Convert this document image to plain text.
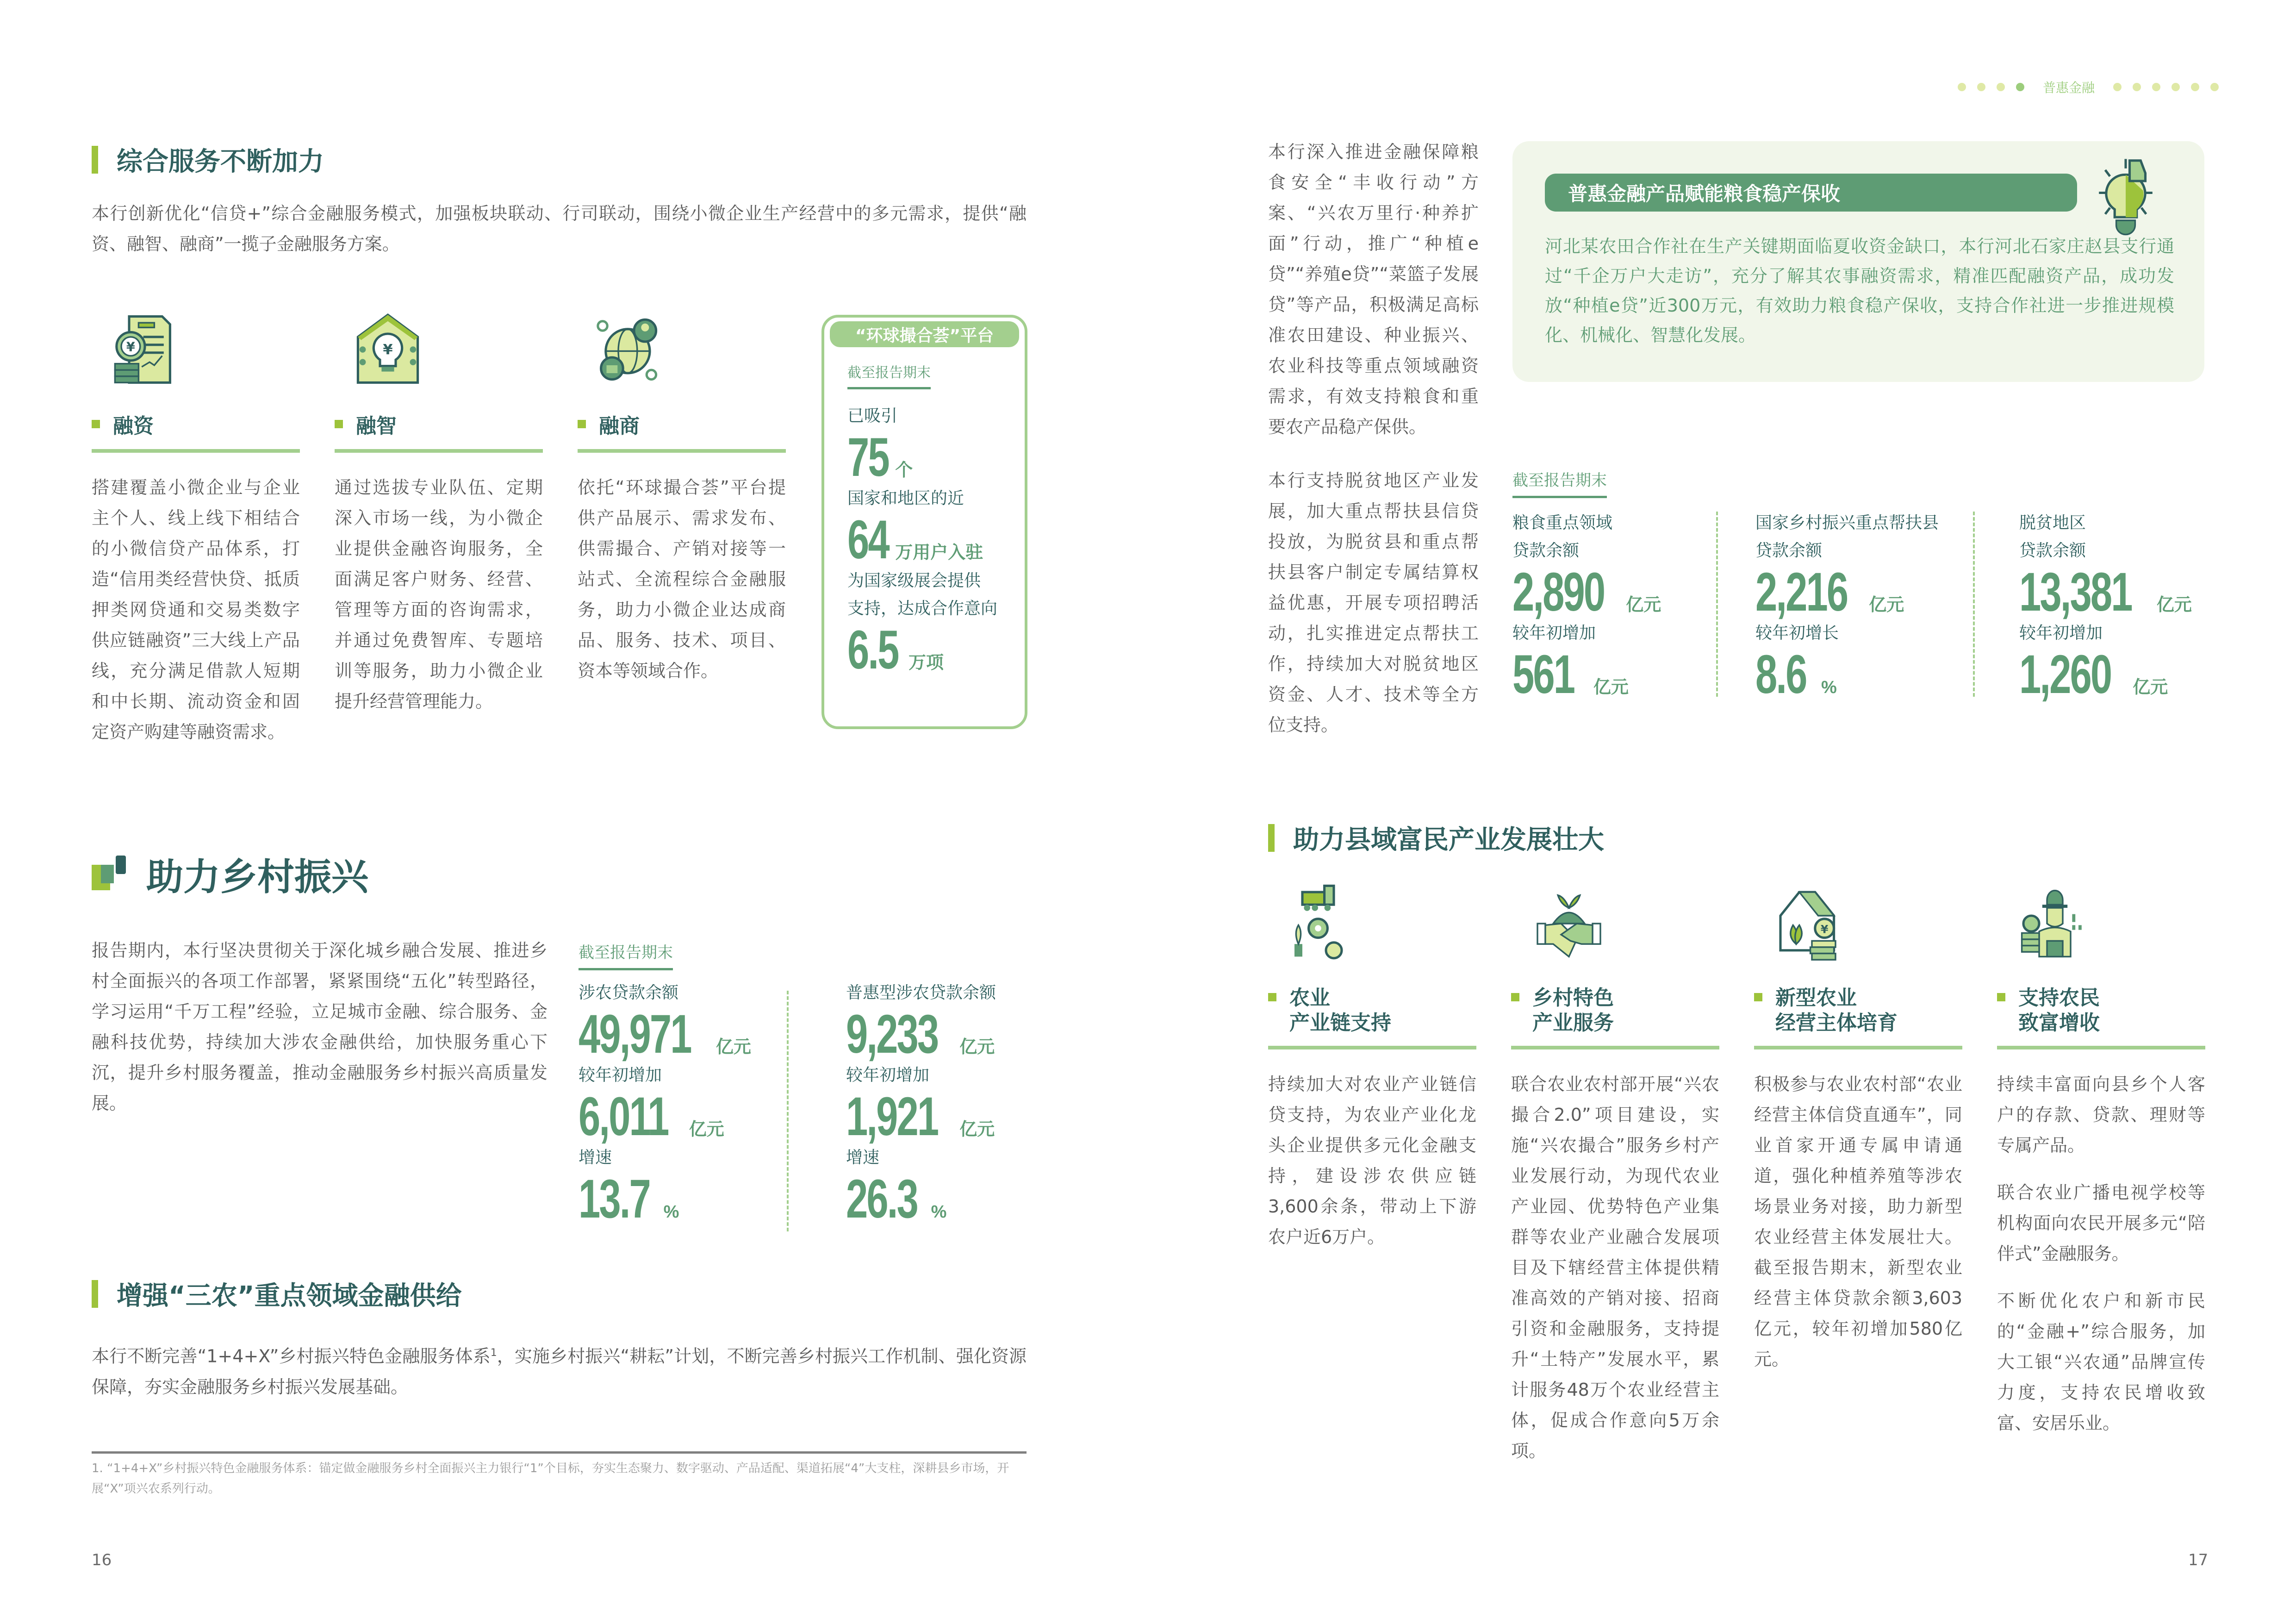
普惠金融
综合服务不断加力
本行创新优化“信贷+”综合金融服务模式，加强板块联动、行司联动，围绕小微企业生产经营中的多元需求，提供“融资、融智、融商”一揽子金融服务方案。
¥
融资
搭建覆盖小微企业与企业主个人、线上线下相结合的小微信贷产品体系，打造“信用类经营快贷、抵质押类网贷通和交易类数字供应链融资”三大线上产品线，充分满足借款人短期和中长期、流动资金和固定资产购建等融资需求。
¥
融智
通过选拔专业队伍、定期深入市场一线，为小微企业提供金融咨询服务，全面满足客户财务、经营、管理等方面的咨询需求，并通过免费智库、专题培训等服务，助力小微企业提升经营管理能力。
融商
依托“环球撮合荟”平台提供产品展示、需求发布、供需撮合、产销对接等一站式、全流程综合金融服务，助力小微企业达成商品、服务、技术、项目、资本等领域合作。
“环球撮合荟”平台
截至报告期末
已吸引
75 个
国家和地区的近
64 万用户入驻
为国家级展会提供
支持，达成合作意向
6.5 万项
助力乡村振兴
报告期内，本行坚决贯彻关于深化城乡融合发展、推进乡村全面振兴的各项工作部署，紧紧围绕“五化”转型路径，学习运用“千万工程”经验，立足城市金融、综合服务、金融科技优势，持续加大涉农金融供给，加快服务重心下沉，提升乡村服务覆盖，推动金融服务乡村振兴高质量发展。
截至报告期末
涉农贷款余额
49,971 亿元
较年初增加
6,011 亿元
增速
13.7 %
普惠型涉农贷款余额
9,233 亿元
较年初增加
1,921 亿元
增速
26.3 %
增强“三农”重点领域金融供给
本行不断完善“1+4+X”乡村振兴特色金融服务体系$^1$，实施乡村振兴“耕耘”计划，不断完善乡村振兴工作机制、强化资源保障，夯实金融服务乡村振兴发展基础。
1. “1+4+X”乡村振兴特色金融服务体系：锚定做金融服务乡村全面振兴主力银行“1”个目标，夯实生态聚力、数字驱动、产品适配、渠道拓展“4”大支柱，深耕县乡市场，开展“X”项兴农系列行动。
16
本行深入推进金融保障粮食安全“丰收行动”方案、“兴农万里行·种养扩面”行动，推广“种植e贷”“养殖e贷”“菜篮子发展贷”等产品，积极满足高标准农田建设、种业振兴、农业科技等重点领域融资需求，有效支持粮食和重要农产品稳产保供。
普惠金融产品赋能粮食稳产保收
河北某农田合作社在生产关键期面临夏收资金缺口，本行河北石家庄赵县支行通过“千企万户大走访”，充分了解其农事融资需求，精准匹配融资产品，成功发放“种植e贷”近300万元，有效助力粮食稳产保收，支持合作社进一步推进规模化、机械化、智慧化发展。
本行支持脱贫地区产业发展，加大重点帮扶县信贷投放，为脱贫县和重点帮扶县客户制定专属结算权益优惠，开展专项招聘活动，扎实推进定点帮扶工作，持续加大对脱贫地区资金、人才、技术等全方位支持。
截至报告期末
粮食重点领域
贷款余额
2,890 亿元
较年初增加
561 亿元
国家乡村振兴重点帮扶县
贷款余额
2,216 亿元
较年初增长
8.6 %
脱贫地区
贷款余额
13,381 亿元
较年初增加
1,260 亿元
助力县域富民产业发展壮大
农业
产业链支持
持续加大对农业产业链信贷支持，为农业产业化龙头企业提供多元化金融支持，建设涉农供应链3,600余条，带动上下游农户近6万户。
乡村特色
产业服务
联合农业农村部开展“兴农撮合2.0”项目建设，实施“兴农撮合”服务乡村产业发展行动，为现代农业产业园、优势特色产业集群等农业产业融合发展项目及下辖经营主体提供精准高效的产销对接、招商引资和金融服务，支持提升“土特产”发展水平，累计服务48万个农业经营主体，促成合作意向5万余项。
¥
新型农业
经营主体培育
积极参与农业农村部“农业经营主体信贷直通车”，同业首家开通专属申请通道，强化种植养殖等涉农场景业务对接，助力新型农业经营主体发展壮大。截至报告期末，新型农业经营主体贷款余额3,603亿元，较年初增加580亿元。
支持农民
致富增收
持续丰富面向县乡个人客户的存款、贷款、理财等专属产品。
联合农业广播电视学校等机构面向农民开展多元“陪伴式”金融服务。
不断优化农户和新市民的“金融+”综合服务，加大工银“兴农通”品牌宣传力度，支持农民增收致富、安居乐业。
17
